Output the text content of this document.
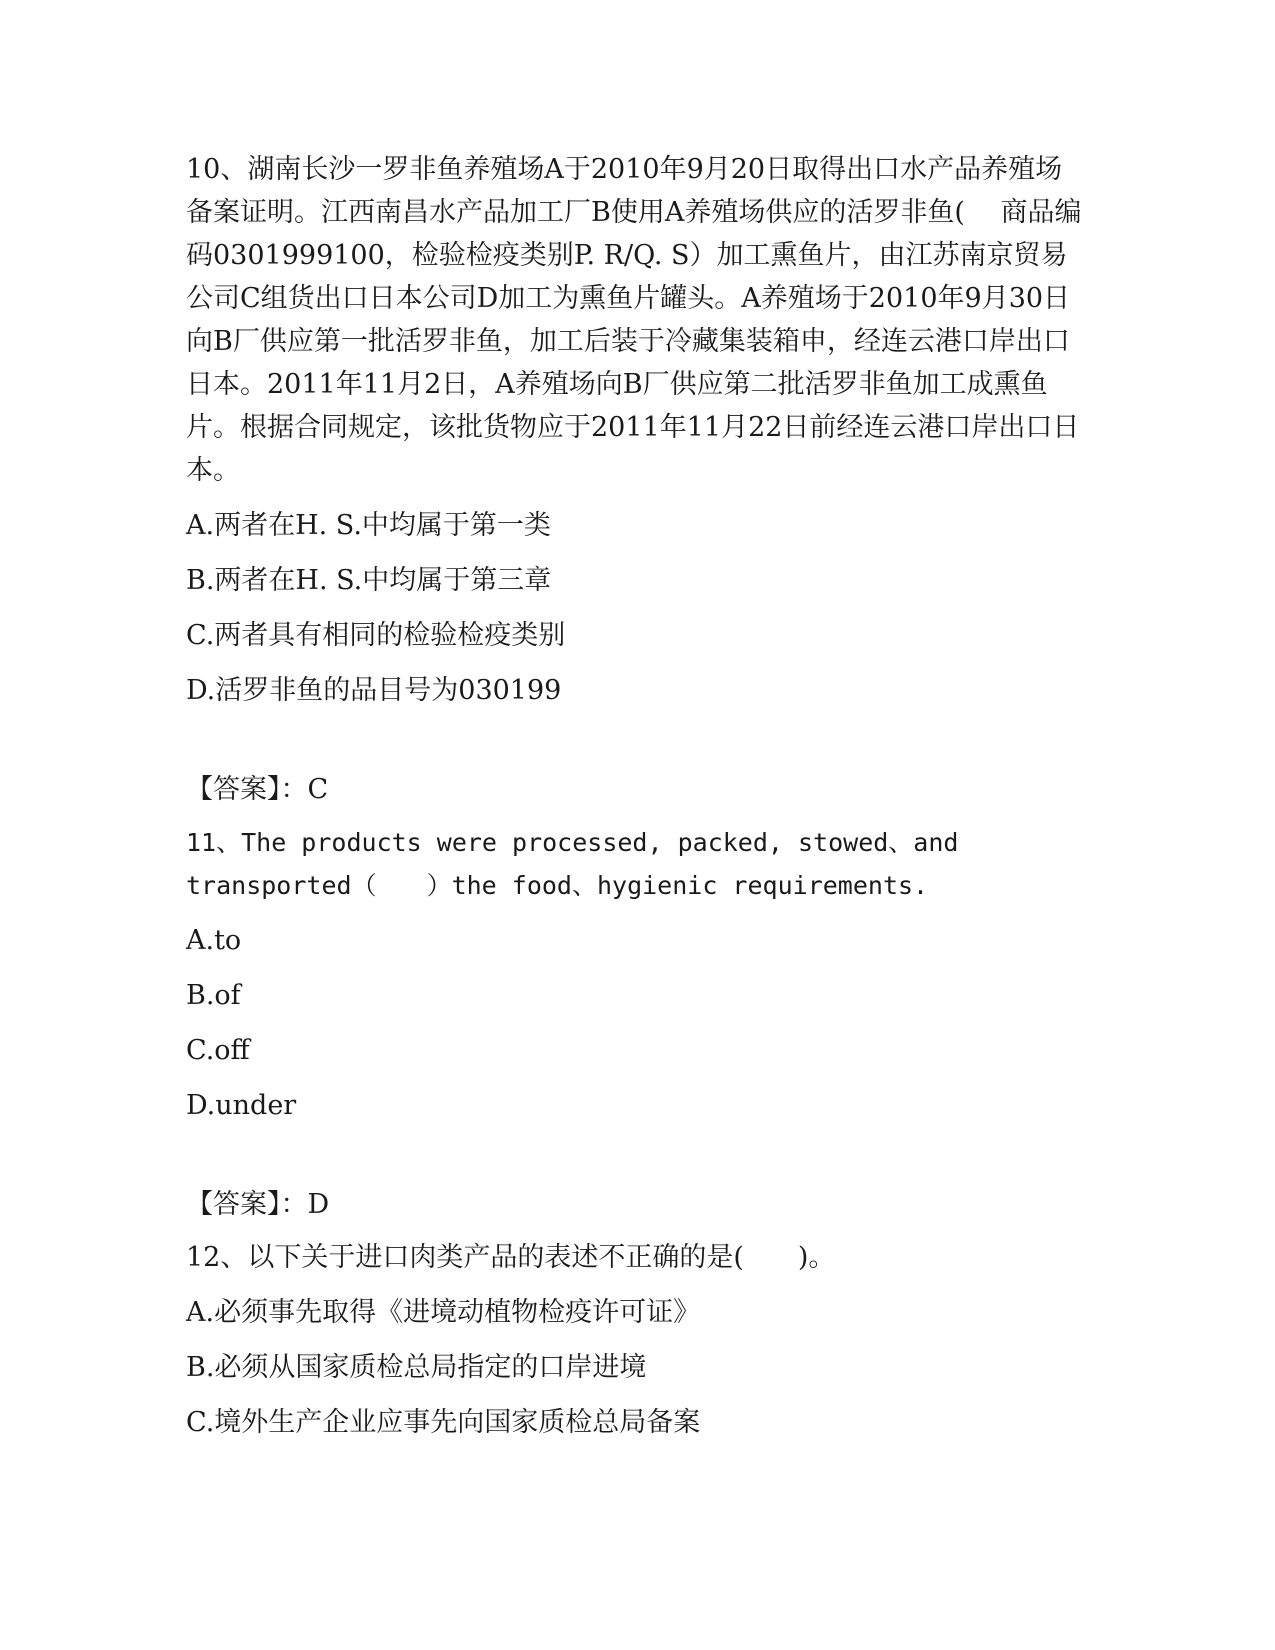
10、湖南长沙一罗非鱼养殖场A于2010年9月20日取得出口水产品养殖场备案证明。江西南昌水产品加工厂B使用A养殖场供应的活罗非鱼(　 商品编码0301999100，检验检疫类别P. R/Q. S）加工熏鱼片，由江苏南京贸易公司C组货出口日本公司D加工为熏鱼片罐头。A养殖场于2010年9月30日向B厂供应第一批活罗非鱼，加工后装于冷藏集装箱申，经连云港口岸出口日本。2011年11月2日，A养殖场向B厂供应第二批活罗非鱼加工成熏鱼片。根据合同规定，该批货物应于2011年11月22日前经连云港口岸出口日本。

A.两者在H. S.中均属于第一类

B.两者在H. S.中均属于第三章

C.两者具有相同的检验检疫类别

D.活罗非鱼的品目号为030199

【答案】：C

11、The products were processed, packed, stowed、and transported（　　）the food、hygienic requirements.

A.to

B.of

C.off

D.under

【答案】：D

12、以下关于进口肉类产品的表述不正确的是(　　)。

A.必须事先取得《进境动植物检疫许可证》

B.必须从国家质检总局指定的口岸进境

C.境外生产企业应事先向国家质检总局备案
